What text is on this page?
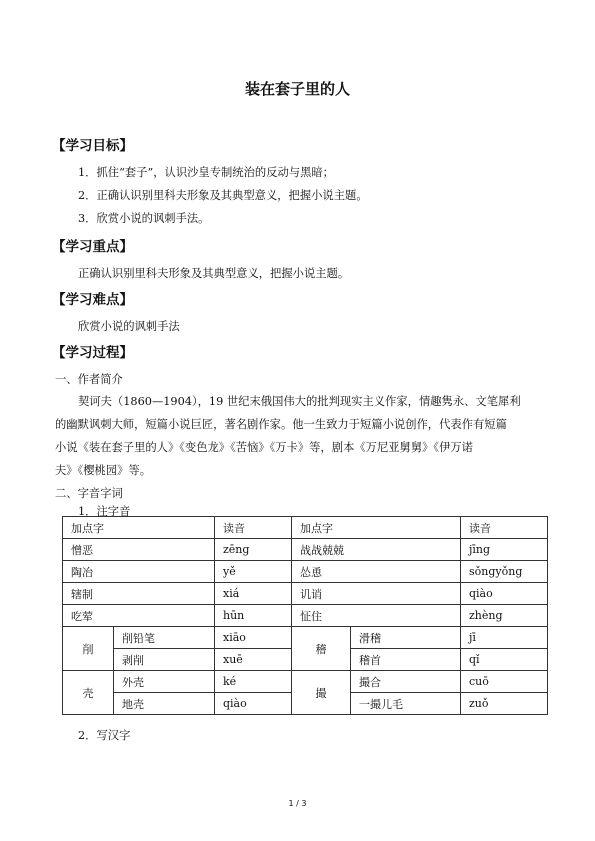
装在套子里的人
【学习目标】
1．抓住“套子”，认识沙皇专制统治的反动与黑暗；
2．正确认识别里科夫形象及其典型意义，把握小说主题。
3．欣赏小说的讽刺手法。
【学习重点】
正确认识别里科夫形象及其典型意义，把握小说主题。
【学习难点】
欣赏小说的讽刺手法
【学习过程】
一、作者简介
契诃夫（1860—1904），19 世纪末俄国伟大的批判现实主义作家，情趣隽永、文笔犀利
的幽默讽刺大师，短篇小说巨匠，著名剧作家。他一生致力于短篇小说创作，代表作有短篇
小说《装在套子里的人》《变色龙》《苦恼》《万卡》等，剧本《万尼亚舅舅》《伊万诺
夫》《樱桃园》等。
二、字音字词
1．注字音
加点字		读音	加点字		读音
憎恶		zēng	战战兢兢		jīng
陶冶		yě	怂恿		sǒngyǒng
辖制		xiá	讥诮		qiào
吃荤		hūn	怔住		zhèng
削	削铅笔	xiāo	稽	滑稽	jī
	剥削	xuē		稽首	qǐ
壳	外壳	ké	撮	撮合	cuō
	地壳	qiào		一撮儿毛	zuǒ
2．写汉字
1 / 3
